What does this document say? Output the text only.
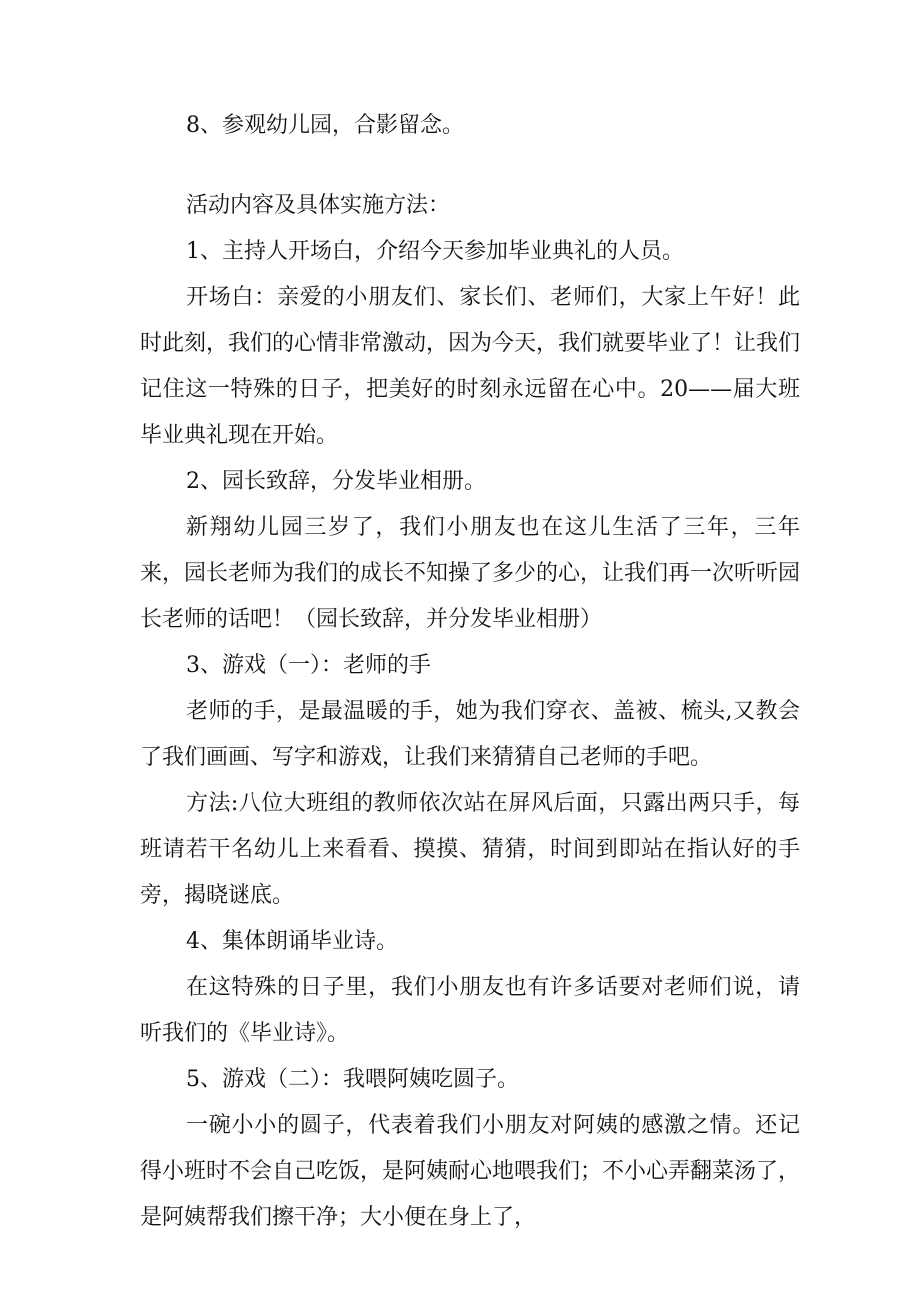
8、参观幼儿园，合影留念。

活动内容及具体实施方法：

1、主持人开场白，介绍今天参加毕业典礼的人员。

开场白：亲爱的小朋友们、家长们、老师们，大家上午好！此时此刻，我们的心情非常激动，因为今天，我们就要毕业了！让我们记住这一特殊的日子，把美好的时刻永远留在心中。20——届大班毕业典礼现在开始。

2、园长致辞，分发毕业相册。

新翔幼儿园三岁了，我们小朋友也在这儿生活了三年，三年来，园长老师为我们的成长不知操了多少的心，让我们再一次听听园长老师的话吧！（园长致辞，并分发毕业相册）

3、游戏（一）：老师的手

老师的手，是最温暖的手，她为我们穿衣、盖被、梳头,又教会了我们画画、写字和游戏，让我们来猜猜自己老师的手吧。

方法:八位大班组的教师依次站在屏风后面，只露出两只手，每班请若干名幼儿上来看看、摸摸、猜猜，时间到即站在指认好的手旁，揭晓谜底。

4、集体朗诵毕业诗。

在这特殊的日子里，我们小朋友也有许多话要对老师们说，请听我们的《毕业诗》。

5、游戏（二）：我喂阿姨吃圆子。

一碗小小的圆子，代表着我们小朋友对阿姨的感激之情。还记得小班时不会自己吃饭，是阿姨耐心地喂我们；不小心弄翻菜汤了，是阿姨帮我们擦干净；大小便在身上了，
